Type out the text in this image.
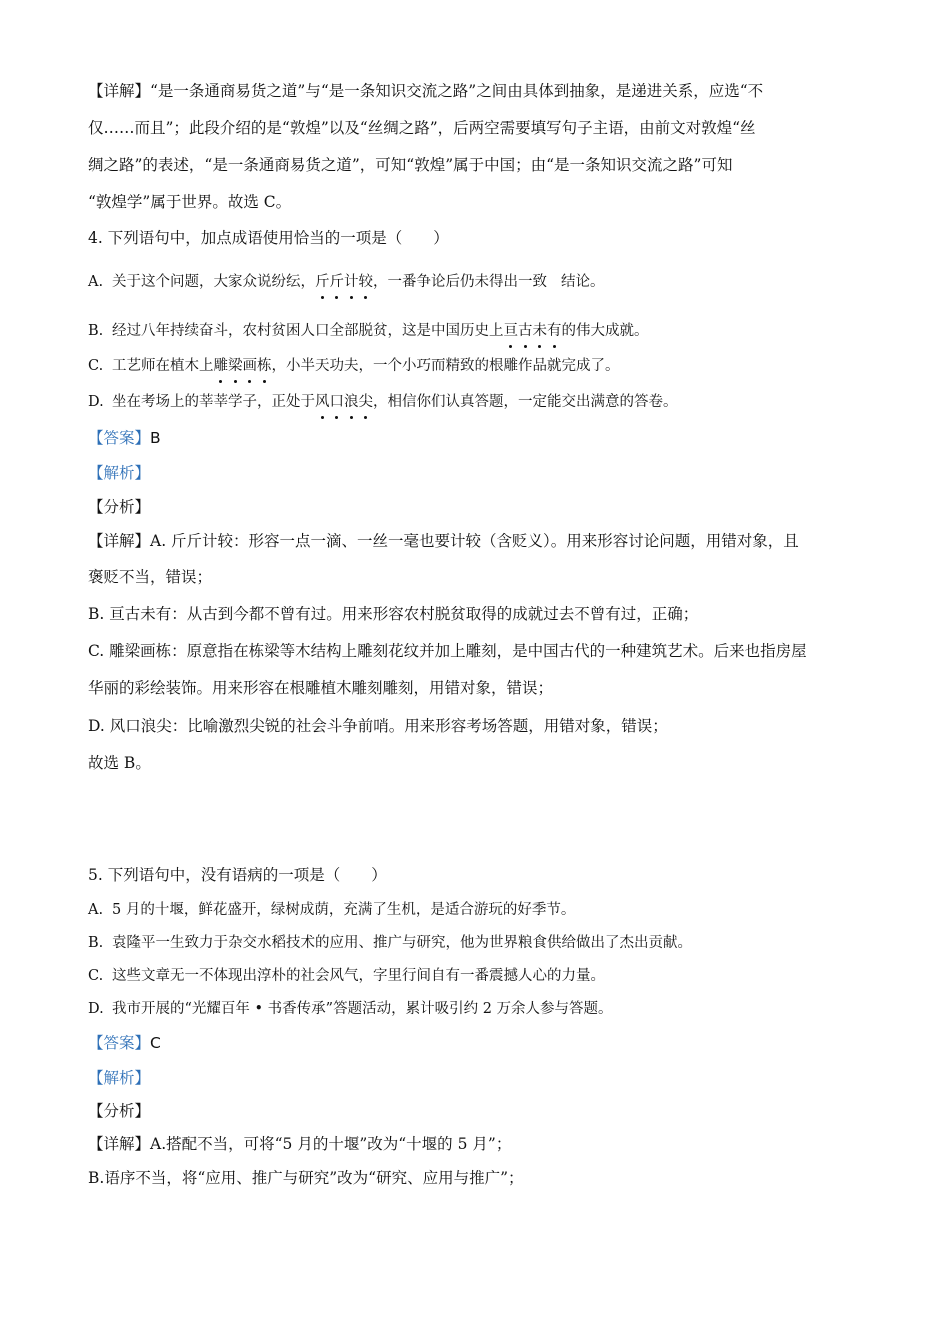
【详解】“是一条通商易货之道”与“是一条知识交流之路”之间由具体到抽象，是递进关系，应选“不
仅……而且”；此段介绍的是“敦煌”以及“丝绸之路”，后两空需要填写句子主语，由前文对敦煌“丝
绸之路”的表述，“是一条通商易货之道”，可知“敦煌”属于中国；由“是一条知识交流之路”可知
“敦煌学”属于世界。故选 C。
4. 下列语句中，加点成语使用恰当的一项是（　　）
A. 关于这个问题，大家众说纷纭，斤斤计较，一番争论后仍未得出一致 结论。
B. 经过八年持续奋斗，农村贫困人口全部脱贫，这是中国历史上亘古未有的伟大成就。
C. 工艺师在植木上雕梁画栋，小半天功夫，一个小巧而精致的根雕作品就完成了。
D. 坐在考场上的莘莘学子，正处于风口浪尖，相信你们认真答题，一定能交出满意的答卷。
【答案】B
【解析】
【分析】
【详解】A. 斤斤计较：形容一点一滴、一丝一毫也要计较（含贬义）。用来形容讨论问题，用错对象，且
褒贬不当，错误；
B. 亘古未有：从古到今都不曾有过。用来形容农村脱贫取得的成就过去不曾有过，正确；
C. 雕梁画栋：原意指在栋梁等木结构上雕刻花纹并加上雕刻，是中国古代的一种建筑艺术。后来也指房屋
华丽的彩绘装饰。用来形容在根雕植木雕刻雕刻，用错对象，错误；
D. 风口浪尖：比喻激烈尖锐的社会斗争前哨。用来形容考场答题，用错对象，错误；
故选 B。
5. 下列语句中，没有语病的一项是（　　）
A. 5 月的十堰，鲜花盛开，绿树成荫，充满了生机，是适合游玩的好季节。
B. 袁隆平一生致力于杂交水稻技术的应用、推广与研究，他为世界粮食供给做出了杰出贡献。
C. 这些文章无一不体现出淳朴的社会风气，字里行间自有一番震撼人心的力量。
D. 我市开展的“光耀百年 • 书香传承”答题活动，累计吸引约 2 万余人参与答题。
【答案】C
【解析】
【分析】
【详解】A.搭配不当，可将“5 月的十堰”改为“十堰的 5 月”；
B.语序不当，将“应用、推广与研究”改为“研究、应用与推广”；
